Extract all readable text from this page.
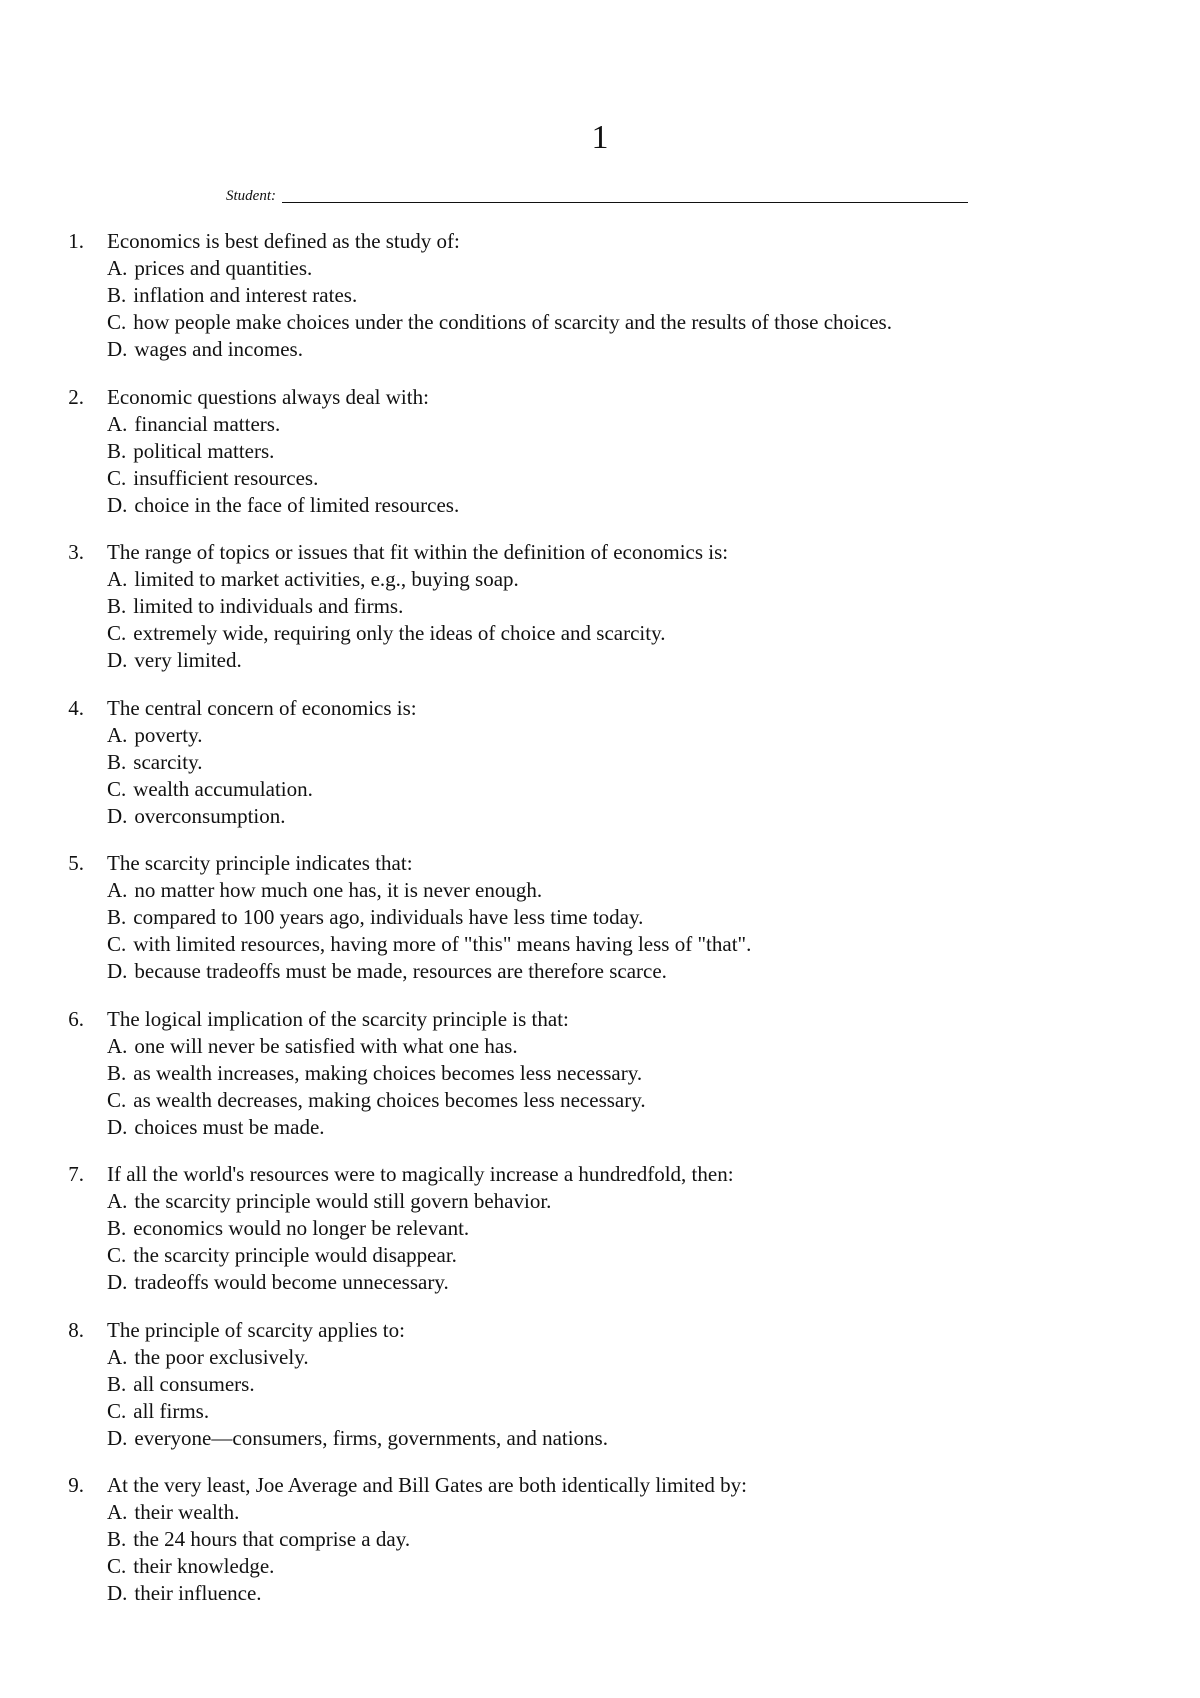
1
Student:
1. Economics is best defined as the study of:
A. prices and quantities.
B. inflation and interest rates.
C. how people make choices under the conditions of scarcity and the results of those choices.
D. wages and incomes.
2. Economic questions always deal with:
A. financial matters.
B. political matters.
C. insufficient resources.
D. choice in the face of limited resources.
3. The range of topics or issues that fit within the definition of economics is:
A. limited to market activities, e.g., buying soap.
B. limited to individuals and firms.
C. extremely wide, requiring only the ideas of choice and scarcity.
D. very limited.
4. The central concern of economics is:
A. poverty.
B. scarcity.
C. wealth accumulation.
D. overconsumption.
5. The scarcity principle indicates that:
A. no matter how much one has, it is never enough.
B. compared to 100 years ago, individuals have less time today.
C. with limited resources, having more of "this" means having less of "that".
D. because tradeoffs must be made, resources are therefore scarce.
6. The logical implication of the scarcity principle is that:
A. one will never be satisfied with what one has.
B. as wealth increases, making choices becomes less necessary.
C. as wealth decreases, making choices becomes less necessary.
D. choices must be made.
7. If all the world's resources were to magically increase a hundredfold, then:
A. the scarcity principle would still govern behavior.
B. economics would no longer be relevant.
C. the scarcity principle would disappear.
D. tradeoffs would become unnecessary.
8. The principle of scarcity applies to:
A. the poor exclusively.
B. all consumers.
C. all firms.
D. everyone—consumers, firms, governments, and nations.
9. At the very least, Joe Average and Bill Gates are both identically limited by:
A. their wealth.
B. the 24 hours that comprise a day.
C. their knowledge.
D. their influence.
